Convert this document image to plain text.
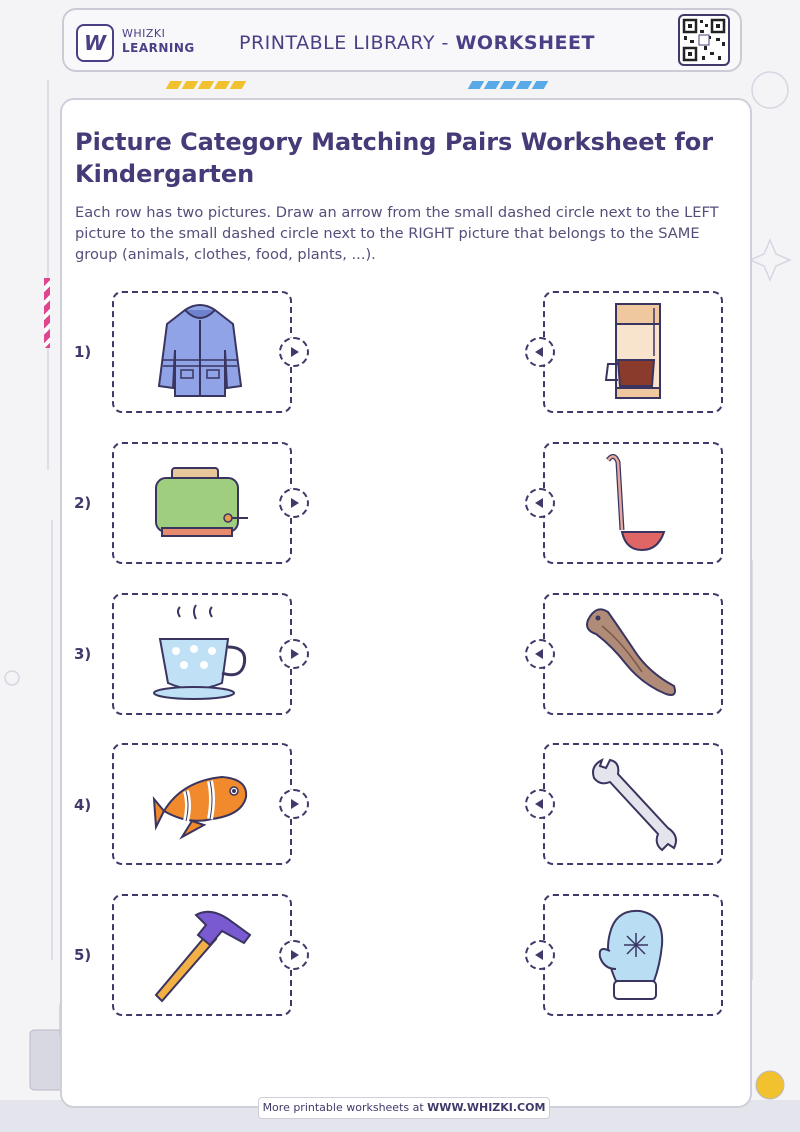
W WHIZKI
LEARNING PRINTABLE LIBRARY - WORKSHEET
Picture Category Matching Pairs Worksheet for Kindergarten

Each row has two pictures. Draw an arrow from the small dashed circle next to the LEFT picture to the small dashed circle next to the RIGHT picture that belongs to the SAME group (animals, clothes, food, plants, ...).

1)
2)
3)
4)
5)
More printable worksheets at WWW.WHIZKI.COM
